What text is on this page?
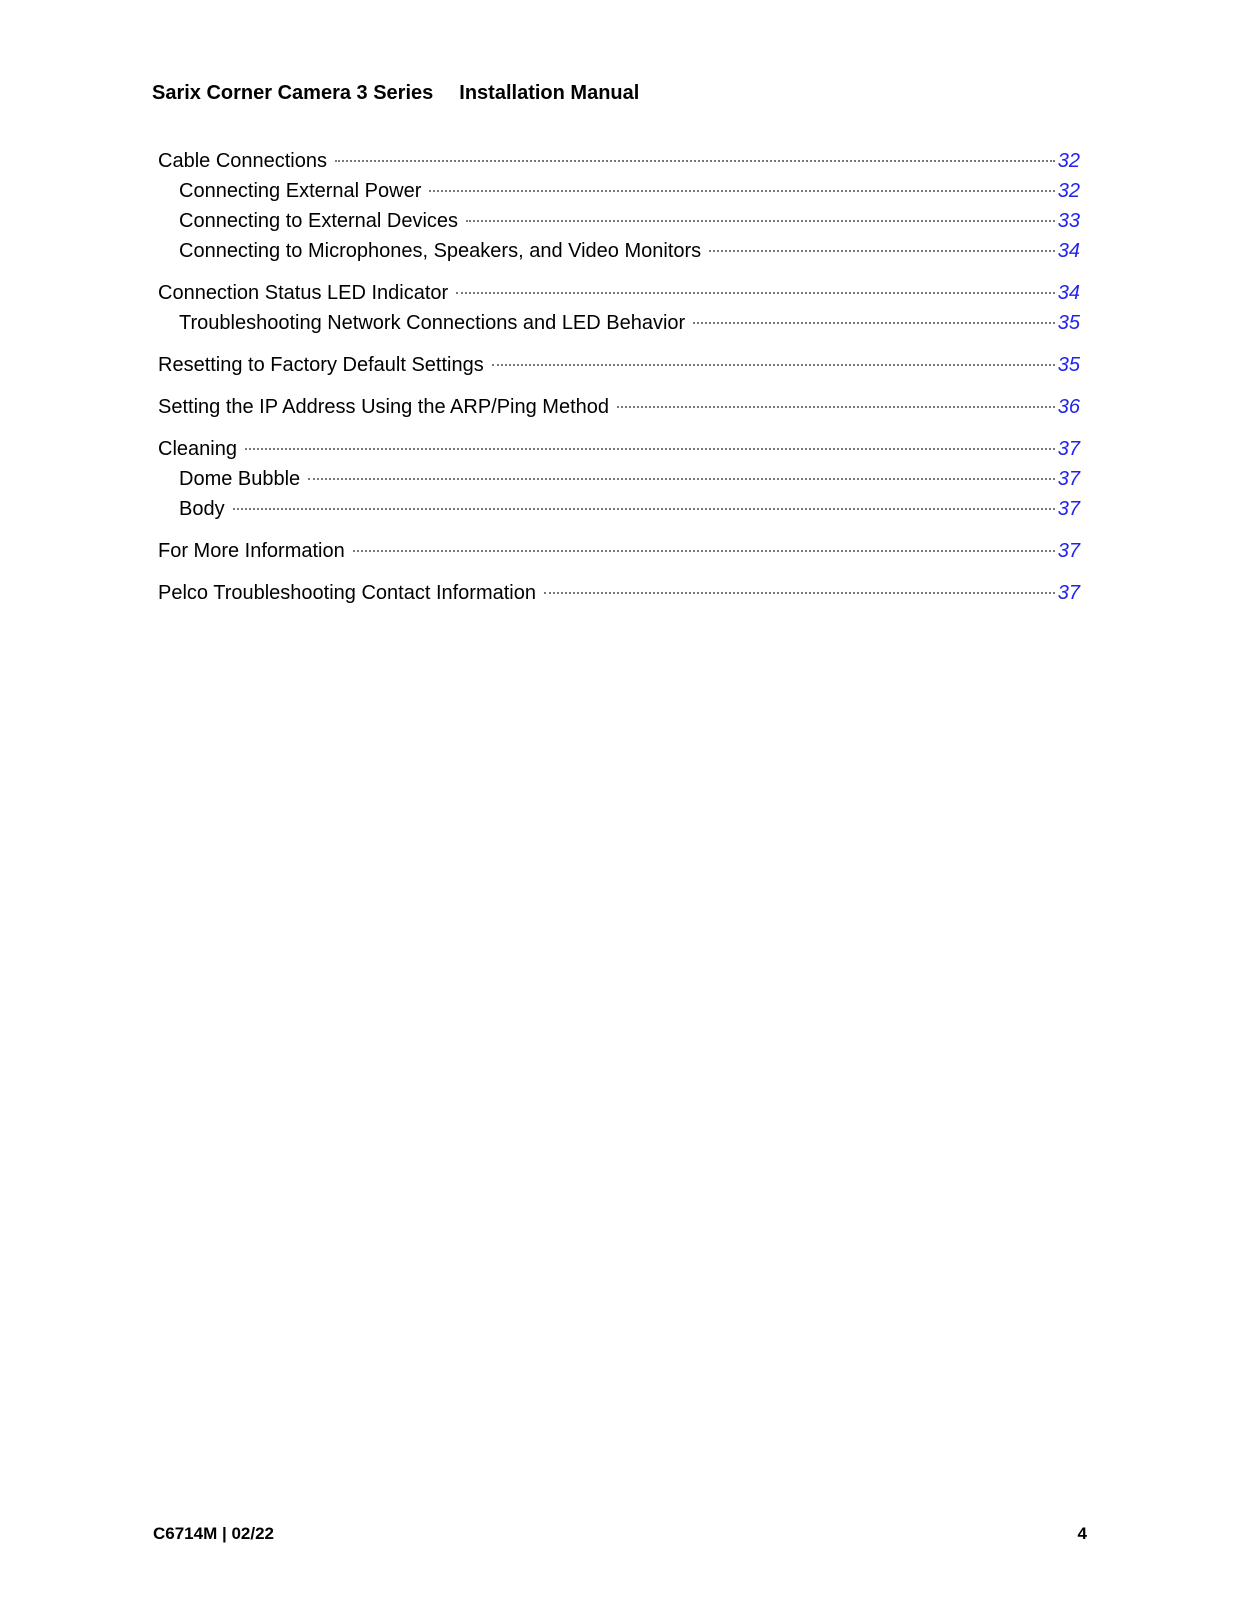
Sarix Corner Camera 3 Series Installation Manual
Cable Connections	32
Connecting External Power	32
Connecting to External Devices	33
Connecting to Microphones, Speakers, and Video Monitors	34
Connection Status LED Indicator	34
Troubleshooting Network Connections and LED Behavior	35
Resetting to Factory Default Settings	35
Setting the IP Address Using the ARP/Ping Method	36
Cleaning	37
Dome Bubble	37
Body	37
For More Information	37
Pelco Troubleshooting Contact Information	37
C6714M | 02/22	4
